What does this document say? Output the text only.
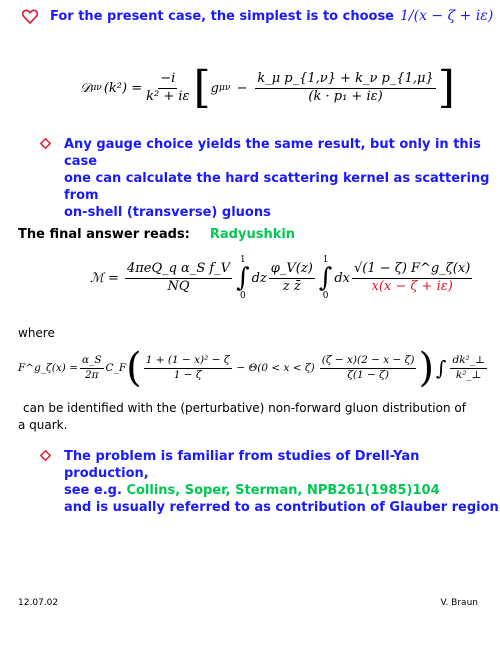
For the present case, the simplest is to choose 1/(x − ζ + iε)
𝒟 μν $(k^2) = \frac{-i}{\text{k² + iε}}$ [ g $\mu\nu - \frac{\text{k\_μ p\_\{1,ν\} + k\_ν p\_\{1,μ\}}}{\text{(k · p₁ + iε)}}$ ]
Any gauge choice yields the same result, but only in this case
one can calculate the hard scattering kernel as scattering from
on-shell (transverse) gluons
The final answer reads: Radyushkin
ℳ = $\frac{\text{4πeQ\_q α\_S f\_V}}{NQ}$
1
∫
0
dz $\frac{\varphi\_V(z)}{\text{z z̄}}$
1
∫
0
dx $\frac{√(1 - \zeta) F\^{}g\_\zeta(x)}{x(x - \zeta + i\varepsilon)}$
where
F^g_ζ(x) = $\frac{\alpha\_S}{2\pi}$ C_F ( $\frac{\text{1 + (1 − x)² − ζ}}{1 - \zeta} - \Theta(0 < x < \zeta) \frac{(\zeta - x)(2 - x - \zeta)}{\zeta(1 - \zeta)}$ ) ∫ $\frac{\text{dk²\_⊥}}{\text{k²\_⊥}}$
can be identified with the (perturbative) non-forward gluon distribution of
a quark.
The problem is familiar from studies of Drell-Yan production,
see e.g. Collins, Soper, Sterman, NPB261(1985)104
and is usually referred to as contribution of Glauber region
12.07.02	V. Braun
